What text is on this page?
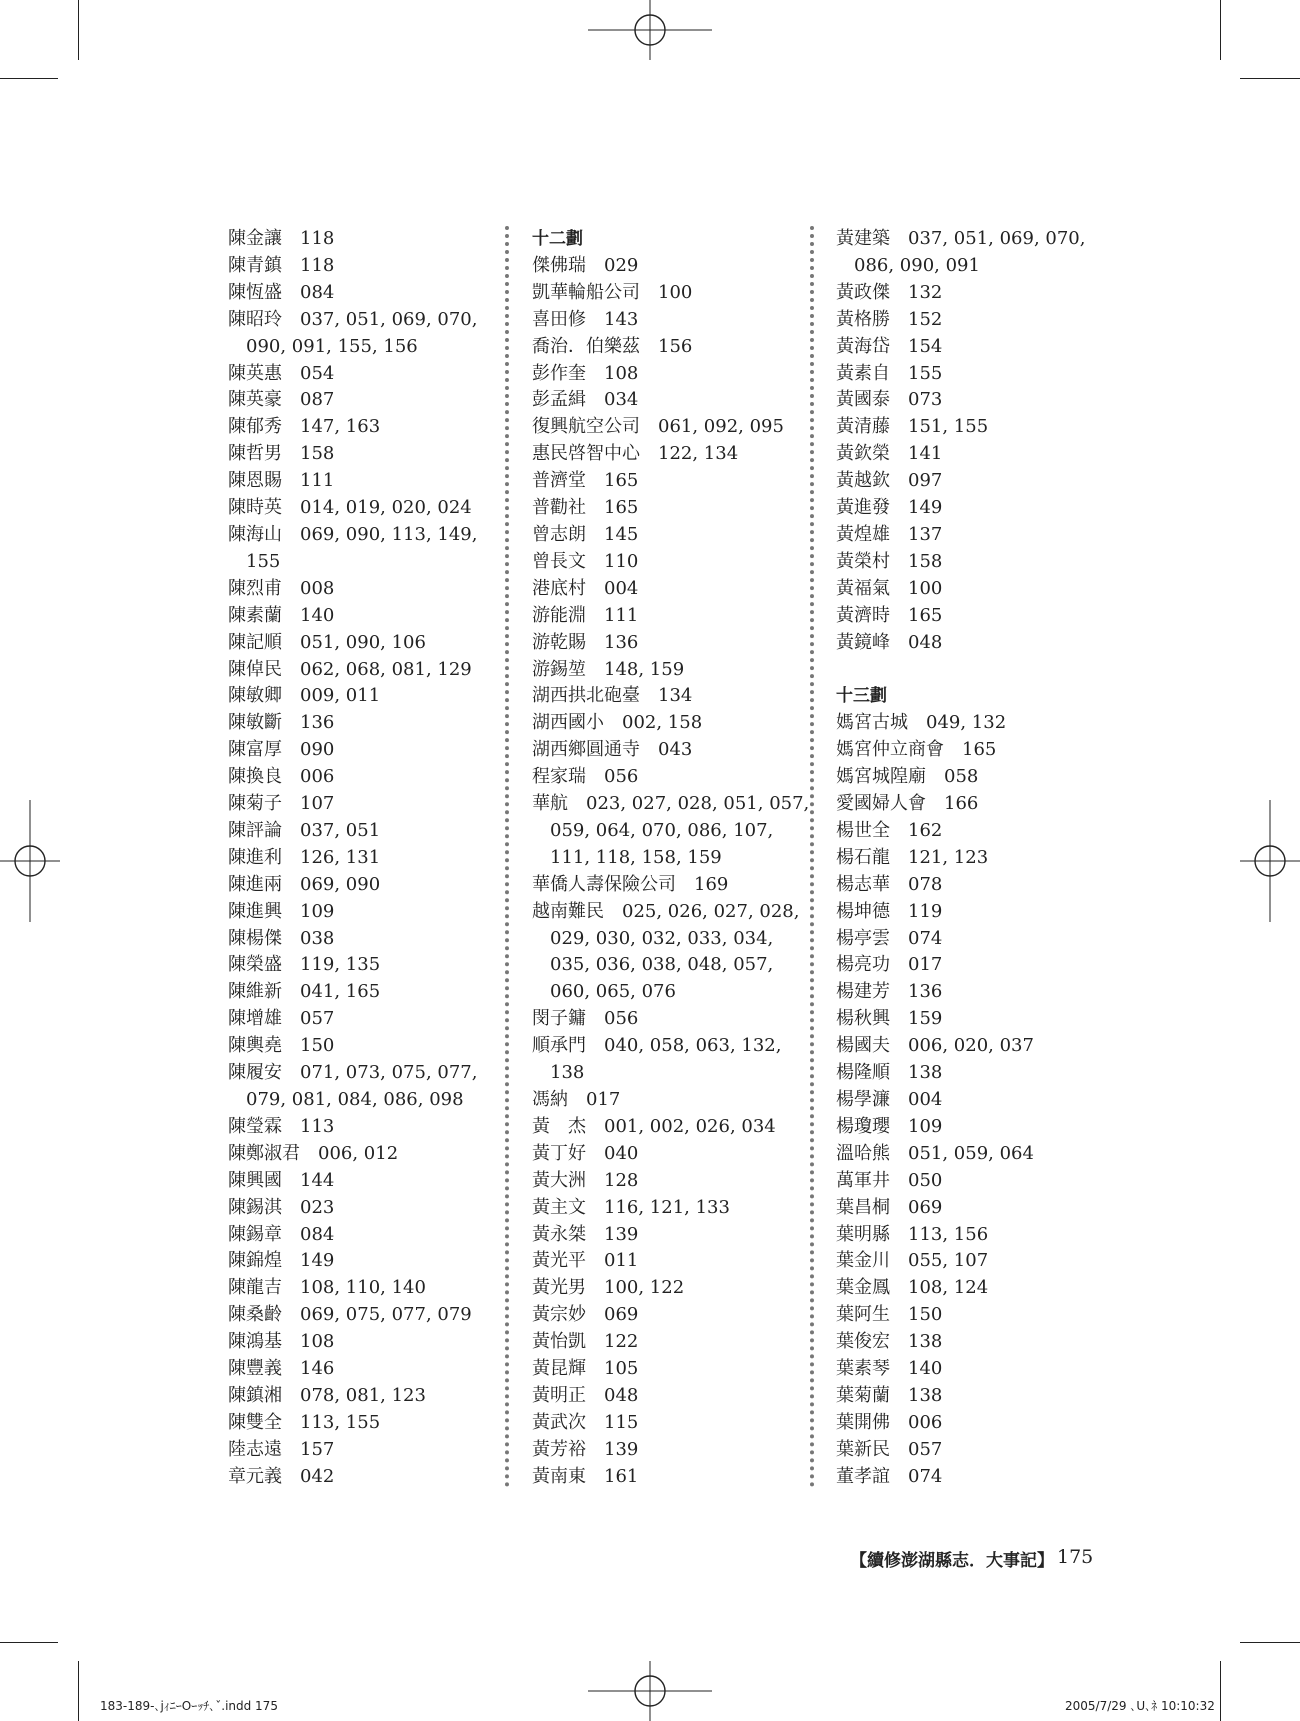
陳金讓 118
陳青鎮 118
陳恆盛 084
陳昭玲 037, 051, 069, 070,
090, 091, 155, 156
陳英惠 054
陳英豪 087
陳郁秀 147, 163
陳哲男 158
陳恩賜 111
陳時英 014, 019, 020, 024
陳海山 069, 090, 113, 149,
155
陳烈甫 008
陳素蘭 140
陳記順 051, 090, 106
陳倬民 062, 068, 081, 129
陳敏卿 009, 011
陳敏斷 136
陳富厚 090
陳換良 006
陳菊子 107
陳評論 037, 051
陳進利 126, 131
陳進兩 069, 090
陳進興 109
陳楊傑 038
陳榮盛 119, 135
陳維新 041, 165
陳增雄 057
陳輿堯 150
陳履安 071, 073, 075, 077,
079, 081, 084, 086, 098
陳瑩霖 113
陳鄭淑君 006, 012
陳興國 144
陳錫淇 023
陳錫章 084
陳錦煌 149
陳龍吉 108, 110, 140
陳桑齡 069, 075, 077, 079
陳鴻基 108
陳豐義 146
陳鎮湘 078, 081, 123
陳雙全 113, 155
陸志遠 157
章元義 042
十二劃
傑佛瑞 029
凱華輪船公司 100
喜田修 143
喬治．伯樂茲 156
彭作奎 108
彭孟緝 034
復興航空公司 061, 092, 095
惠民啓智中心 122, 134
普濟堂 165
普勸社 165
曾志朗 145
曾長文 110
港底村 004
游能淵 111
游乾賜 136
游錫堃 148, 159
湖西拱北砲臺 134
湖西國小 002, 158
湖西鄉圓通寺 043
程家瑞 056
華航 023, 027, 028, 051, 057,
059, 064, 070, 086, 107,
111, 118, 158, 159
華僑人壽保險公司 169
越南難民 025, 026, 027, 028,
029, 030, 032, 033, 034,
035, 036, 038, 048, 057,
060, 065, 076
閔子鏞 056
順承門 040, 058, 063, 132,
138
馮納 017
黃　杰 001, 002, 026, 034
黃丁好 040
黃大洲 128
黃主文 116, 121, 133
黃永桀 139
黃光平 011
黃光男 100, 122
黃宗妙 069
黃怡凱 122
黃昆輝 105
黃明正 048
黃武次 115
黃芳裕 139
黃南東 161
黃建築 037, 051, 069, 070,
086, 090, 091
黃政傑 132
黃格勝 152
黃海岱 154
黃素自 155
黃國泰 073
黃清藤 151, 155
黃欽榮 141
黃越欽 097
黃進發 149
黃煌雄 137
黃榮村 158
黃福氣 100
黃濟時 165
黃鏡峰 048
十三劃
媽宮古城 049, 132
媽宮仲立商會 165
媽宮城隍廟 058
愛國婦人會 166
楊世全 162
楊石龍 121, 123
楊志華 078
楊坤德 119
楊亭雲 074
楊亮功 017
楊建芳 136
楊秋興 159
楊國夫 006, 020, 037
楊隆順 138
楊學濂 004
楊瓊瓔 109
溫哈熊 051, 059, 064
萬軍井 050
葉昌桐 069
葉明縣 113, 156
葉金川 055, 107
葉金鳳 108, 124
葉阿生 150
葉俊宏 138
葉素琴 140
葉菊蘭 138
葉開佛 006
葉新民 057
董孝誼 074
【續修澎湖縣志．大事記】 175
183-189-､jｨﾆｰOｰｯﾁ､ˇ.indd 175	2005/7/29 ､U､ﾈ 10:10:32
